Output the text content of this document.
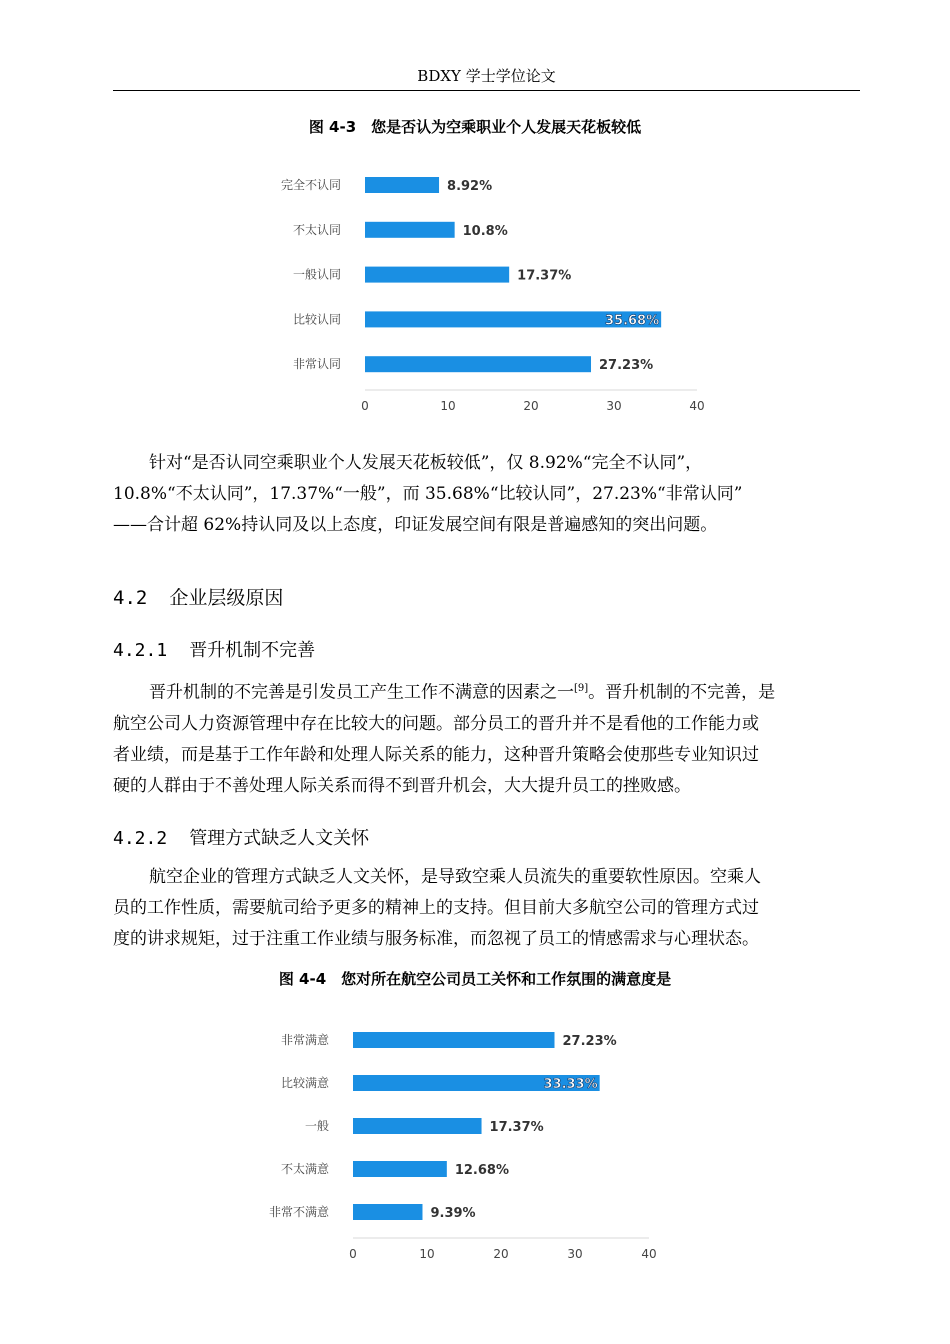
BDXY 学士学位论文
图 4-3　您是否认为空乘职业个人发展天花板较低
完全不认同	8.92%
不太认同	10.8%
一般认同	17.37%
比较认同	35.68%
非常认同	27.23%
0	10	20	30	40
针对“是否认同空乘职业个人发展天花板较低”，仅 8.92%“完全不认同”，
10.8%“不太认同”，17.37%“一般”，而 35.68%“比较认同”，27.23%“非常认同”
——合计超 62%持认同及以上态度，印证发展空间有限是普遍感知的突出问题。
4.2 企业层级原因
4.2.1 晋升机制不完善
晋升机制的不完善是引发员工产生工作不满意的因素之一[9]。晋升机制的不完善，是
航空公司人力资源管理中存在比较大的问题。部分员工的晋升并不是看他的工作能力或
者业绩，而是基于工作年龄和处理人际关系的能力，这种晋升策略会使那些专业知识过
硬的人群由于不善处理人际关系而得不到晋升机会，大大提升员工的挫败感。
4.2.2 管理方式缺乏人文关怀
航空企业的管理方式缺乏人文关怀，是导致空乘人员流失的重要软性原因。空乘人
员的工作性质，需要航司给予更多的精神上的支持。但目前大多航空公司的管理方式过
度的讲求规矩，过于注重工作业绩与服务标准，而忽视了员工的情感需求与心理状态。
图 4-4　您对所在航空公司员工关怀和工作氛围的满意度是
非常满意	27.23%
比较满意	33.33%
一般	17.37%
不太满意	12.68%
非常不满意	9.39%
0	10	20	30	40
